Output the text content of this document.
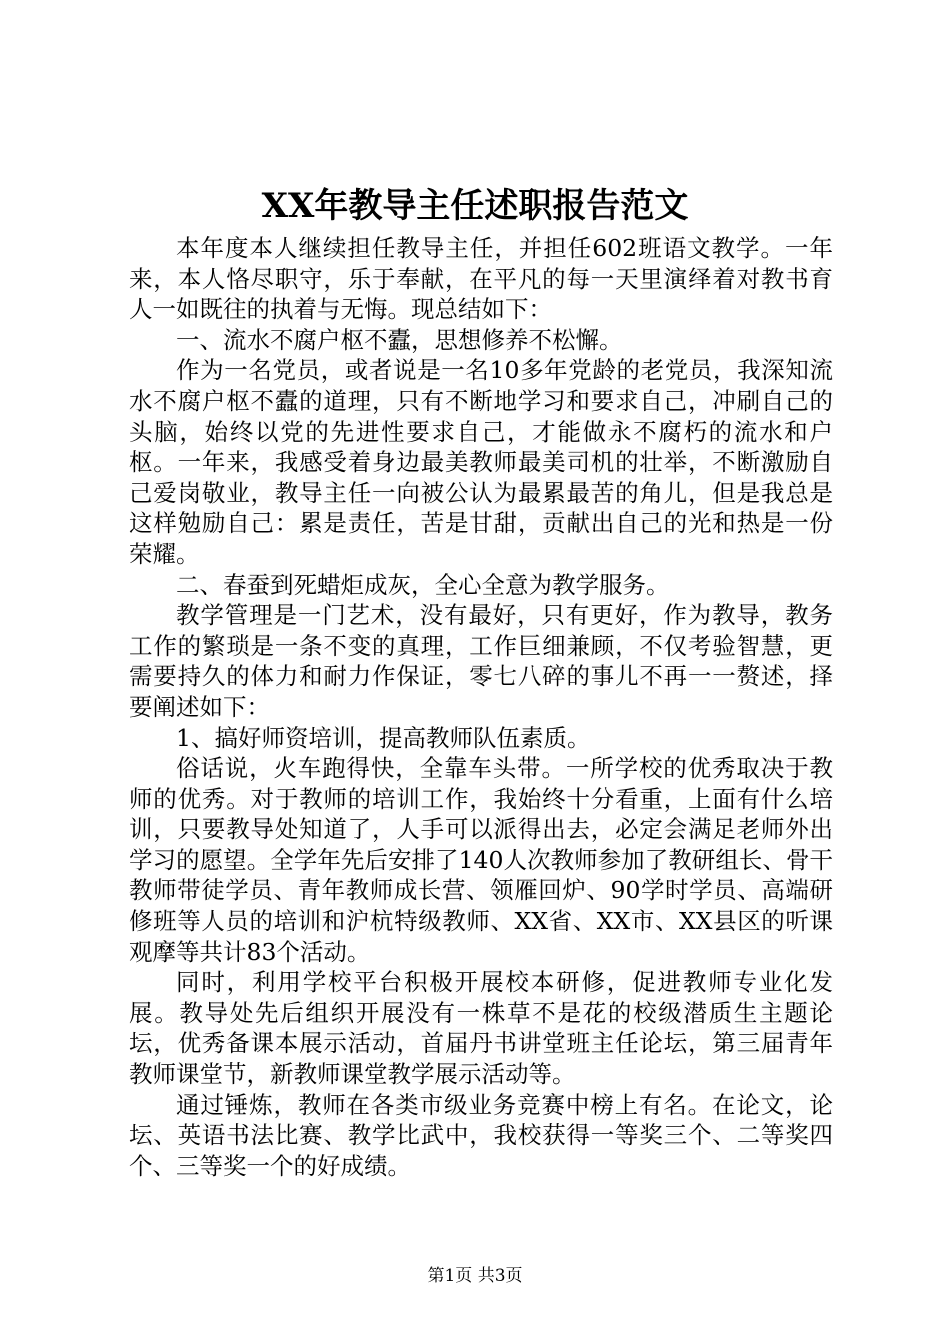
XX年教导主任述职报告范文

本年度本人继续担任教导主任，并担任602班语文教学。一年来，本人恪尽职守，乐于奉献，在平凡的每一天里演绎着对教书育人一如既往的执着与无悔。现总结如下：

一、流水不腐户枢不蠹，思想修养不松懈。

作为一名党员，或者说是一名10多年党龄的老党员，我深知流水不腐户枢不蠹的道理，只有不断地学习和要求自己，冲刷自己的头脑，始终以党的先进性要求自己，才能做永不腐朽的流水和户枢。一年来，我感受着身边最美教师最美司机的壮举，不断激励自己爱岗敬业，教导主任一向被公认为最累最苦的角儿，但是我总是这样勉励自己：累是责任，苦是甘甜，贡献出自己的光和热是一份荣耀。

二、春蚕到死蜡炬成灰，全心全意为教学服务。

教学管理是一门艺术，没有最好，只有更好，作为教导，教务工作的繁琐是一条不变的真理，工作巨细兼顾，不仅考验智慧，更需要持久的体力和耐力作保证，零七八碎的事儿不再一一赘述，择要阐述如下：

1、搞好师资培训，提高教师队伍素质。

俗话说，火车跑得快，全靠车头带。一所学校的优秀取决于教师的优秀。对于教师的培训工作，我始终十分看重，上面有什么培训，只要教导处知道了，人手可以派得出去，必定会满足老师外出学习的愿望。全学年先后安排了140人次教师参加了教研组长、骨干教师带徒学员、青年教师成长营、领雁回炉、90学时学员、高端研修班等人员的培训和沪杭特级教师、XX省、XX市、XX县区的听课观摩等共计83个活动。

同时，利用学校平台积极开展校本研修，促进教师专业化发展。教导处先后组织开展没有一株草不是花的校级潜质生主题论坛，优秀备课本展示活动，首届丹书讲堂班主任论坛，第三届青年教师课堂节，新教师课堂教学展示活动等。

通过锤炼，教师在各类市级业务竞赛中榜上有名。在论文，论坛、英语书法比赛、教学比武中，我校获得一等奖三个、二等奖四个、三等奖一个的好成绩。

第1页 共3页
